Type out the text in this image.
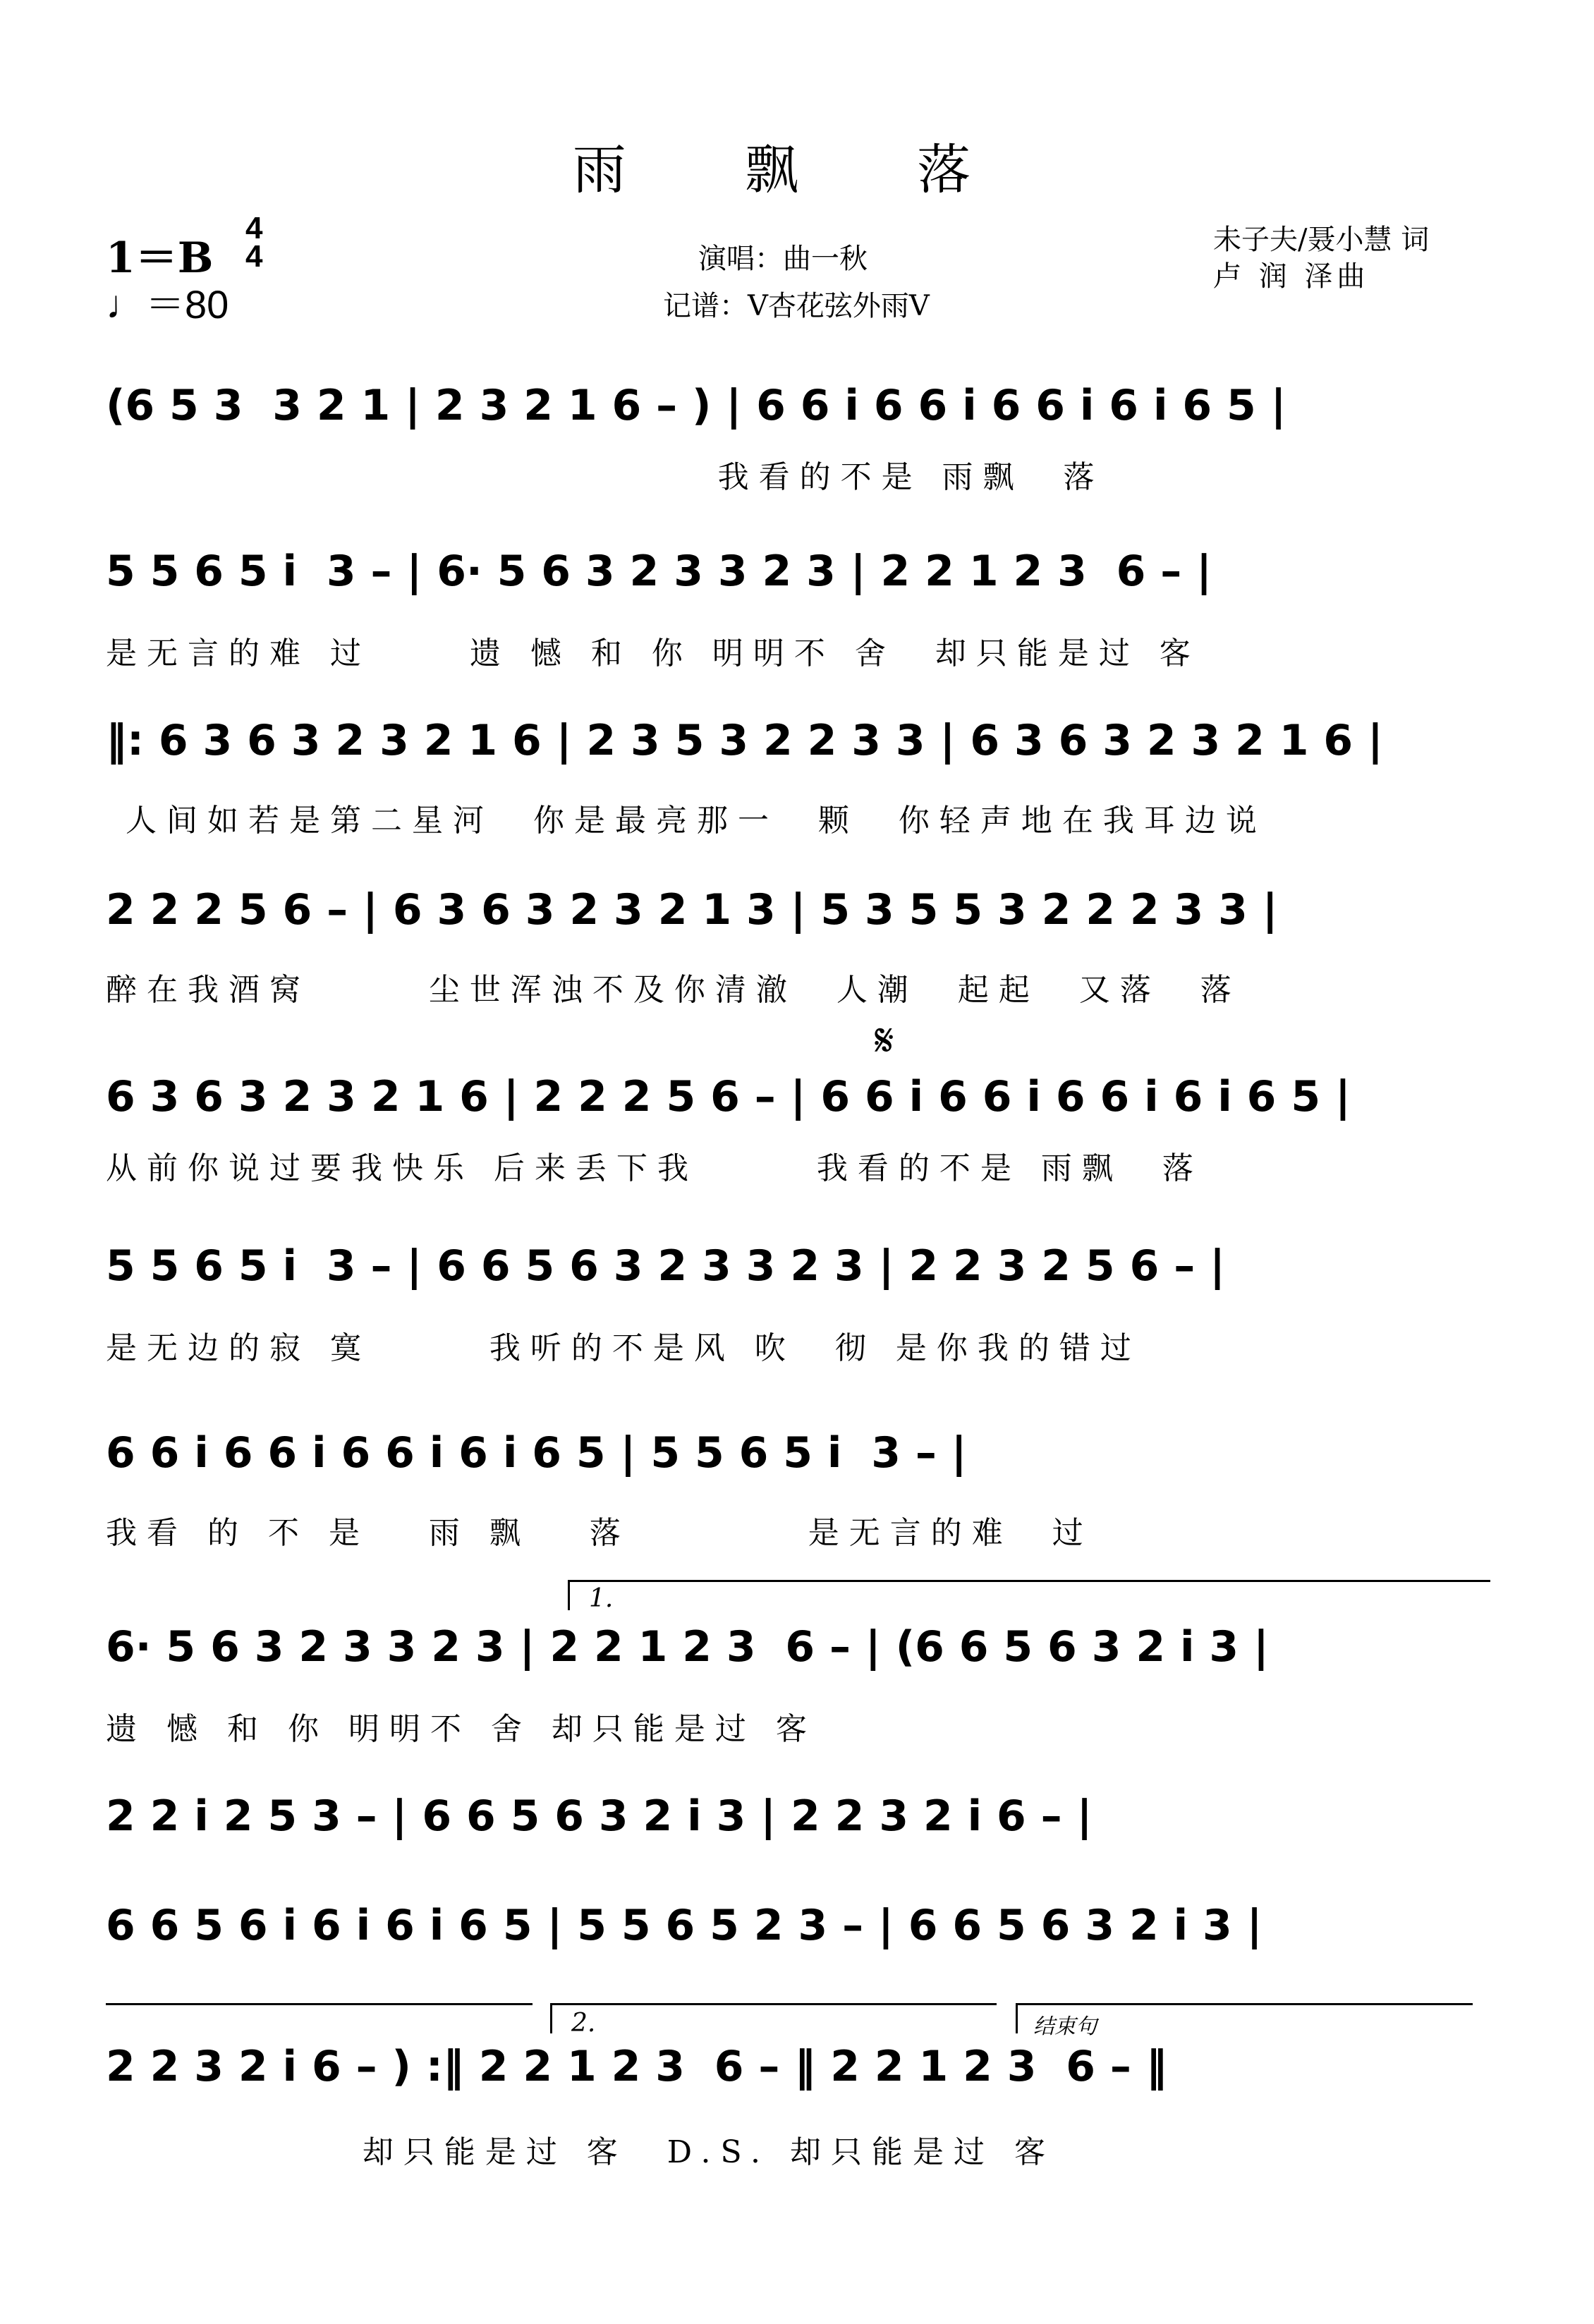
雨 飘 落
1＝B
4
4
♩＝80
演唱：曲一秋
记谱：V杏花弦外雨V
未子夫/聂小慧 词
卢 润 泽曲
(6 5 3  3 2 1 | 2 3 2 1 6 – ) | 6 6 i 6 6 i 6 6 i 6 i 6 5 |
我看的不是 雨飘  落
5 5 6 5 i  3 – | 6· 5 6 3 2 3 3 2 3 | 2 2 1 2 3  6 – |
是无言的难 过     遗 憾 和 你 明明不 舍  却只能是过 客
‖: 6 3 6 3 2 3 2 1 6 | 2 3 5 3 2 2 3 3 | 6 3 6 3 2 3 2 1 6 |
人间如若是第二星河  你是最亮那一  颗  你轻声地在我耳边说
2 2 2 5 6 – | 6 3 6 3 2 3 2 1 3 | 5 3 5 5 3 2 2 2 3 3 |
醉在我酒窝      尘世浑浊不及你清澈  人潮  起起  又落  落
𝄋
6 3 6 3 2 3 2 1 6 | 2 2 2 5 6 – | 6 6 i 6 6 i 6 6 i 6 i 6 5 |
从前你说过要我快乐 后来丢下我      我看的不是 雨飘  落
5 5 6 5 i  3 – | 6 6 5 6 3 2 3 3 2 3 | 2 2 3 2 5 6 – |
是无边的寂 寞      我听的不是风 吹  彻 是你我的错过
6 6 i 6 6 i 6 6 i 6 i 6 5 | 5 5 6 5 i  3 – |
我看 的 不 是   雨 飘   落         是无言的难  过
1.
6· 5 6 3 2 3 3 2 3 | 2 2 1 2 3  6 – | (6 6 5 6 3 2 i 3 |
遗 憾 和 你 明明不 舍 却只能是过 客
2 2 i 2 5 3 – | 6 6 5 6 3 2 i 3 | 2 2 3 2 i 6 – |
6 6 5 6 i 6 i 6 i 6 5 | 5 5 6 5 2 3 – | 6 6 5 6 3 2 i 3 |
2.	结束句
2 2 3 2 i 6 – ) :‖ 2 2 1 2 3  6 – ‖ 2 2 1 2 3  6 – ‖
却只能是过 客  D.S. 却只能是过 客
